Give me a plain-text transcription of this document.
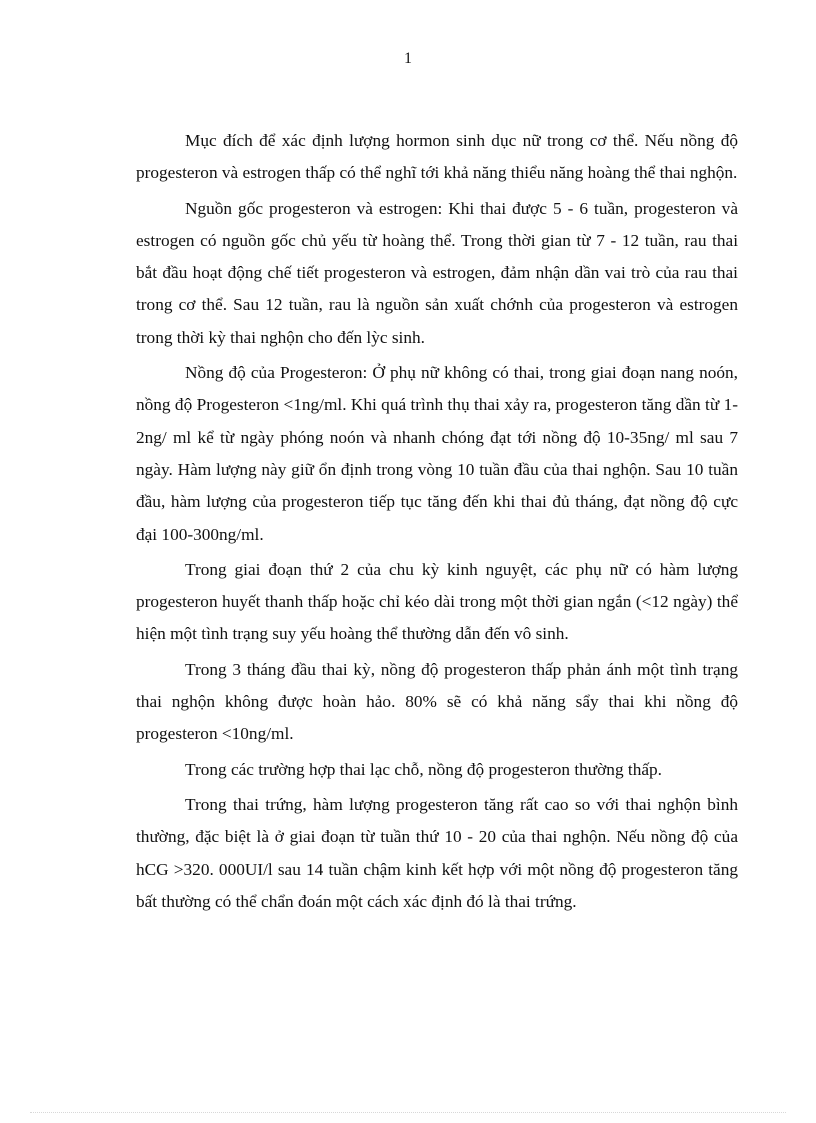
1

Mục đích để xác định lượng hormon sinh dục nữ trong cơ thể. Nếu nồng độ progesteron và estrogen thấp có thể nghĩ tới khả năng thiểu năng hoàng thể thai nghộn.

Nguồn gốc progesteron và estrogen: Khi thai được 5 - 6 tuần, progesteron và estrogen có nguồn gốc chủ yếu từ hoàng thể. Trong thời gian từ 7 - 12 tuần, rau thai bắt đầu hoạt động chế tiết progesteron và estrogen, đảm nhận dần vai trò của rau thai trong cơ thể. Sau 12 tuần, rau là nguồn sản xuất chớnh của progesteron và estrogen trong thời kỳ thai nghộn cho đến lỳc sinh.

Nồng độ của Progesteron: Ở phụ nữ không có thai, trong giai đoạn nang noón, nồng độ Progesteron <1ng/ml. Khi quá trình thụ thai xảy ra, progesteron tăng dần từ 1-2ng/ ml kể từ ngày phóng noón và nhanh chóng đạt tới nồng độ 10-35ng/ ml sau 7 ngày. Hàm lượng này giữ ổn định trong vòng 10 tuần đầu của thai nghộn. Sau 10 tuần đầu, hàm lượng của progesteron tiếp tục tăng đến khi thai đủ tháng, đạt nồng độ cực đại 100-300ng/ml.

Trong giai đoạn thứ 2 của chu kỳ kinh nguyệt, các phụ nữ có hàm lượng progesteron huyết thanh thấp hoặc chỉ kéo dài trong một thời gian ngắn (<12 ngày) thể hiện một tình trạng suy yếu hoàng thể thường dẫn đến vô sinh.

Trong 3 tháng đầu thai kỳ, nồng độ progesteron thấp phản ánh một tình trạng thai nghộn không được hoàn hảo. 80% sẽ có khả năng sẩy thai khi nồng độ progesteron <10ng/ml.

Trong các trường hợp thai lạc chỗ, nồng độ progesteron thường thấp.

Trong thai trứng, hàm lượng progesteron tăng rất cao so với thai nghộn bình thường, đặc biệt là ở giai đoạn từ tuần thứ 10 - 20 của thai nghộn. Nếu nồng độ của hCG >320. 000UI/l sau 14 tuần chậm kinh kết hợp với một nồng độ progesteron tăng bất thường có thể chẩn đoán một cách xác định đó là thai trứng.
